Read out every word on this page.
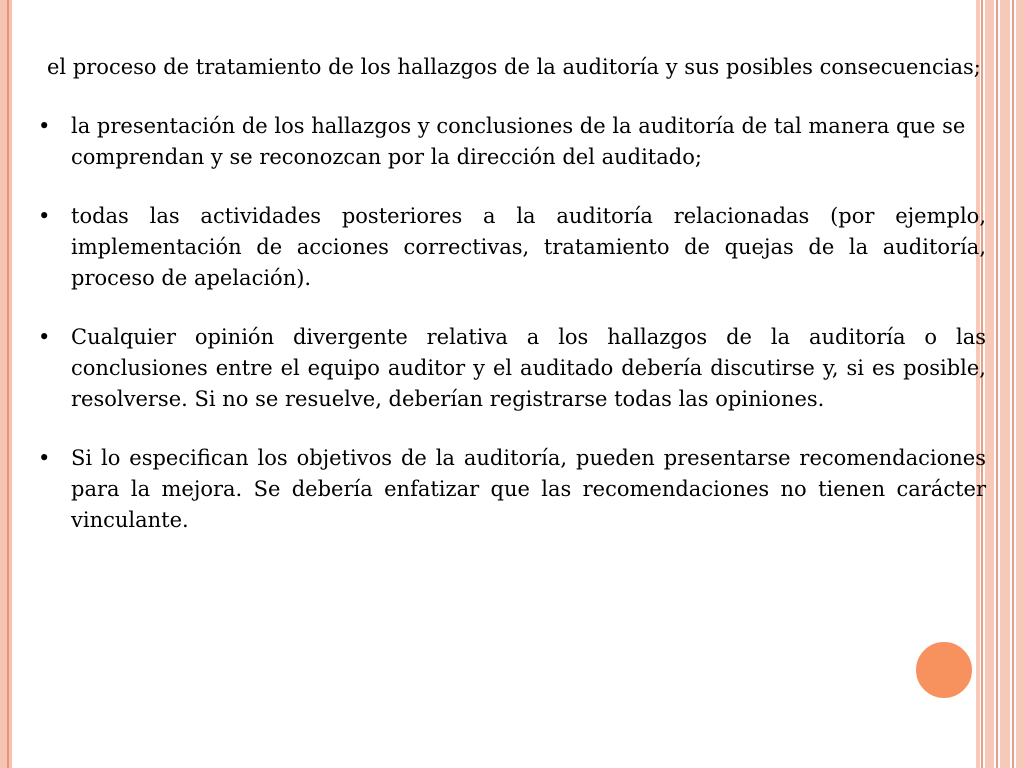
el proceso de tratamiento de los hallazgos de la auditoría y sus posibles consecuencias;

• la presentación de los hallazgos y conclusiones de la auditoría de tal manera que se comprendan y se reconozcan por la dirección del auditado;
• todas las actividades posteriores a la auditoría relacionadas (por ejemplo, implementación de acciones correctivas, tratamiento de quejas de la auditoría, proceso de apelación).
• Cualquier opinión divergente relativa a los hallazgos de la auditoría o las conclusiones entre el equipo auditor y el auditado debería discutirse y, si es posible, resolverse. Si no se resuelve, deberían registrarse todas las opiniones.
• Si lo especifican los objetivos de la auditoría, pueden presentarse recomendaciones para la mejora. Se debería enfatizar que las recomendaciones no tienen carácter vinculante.
